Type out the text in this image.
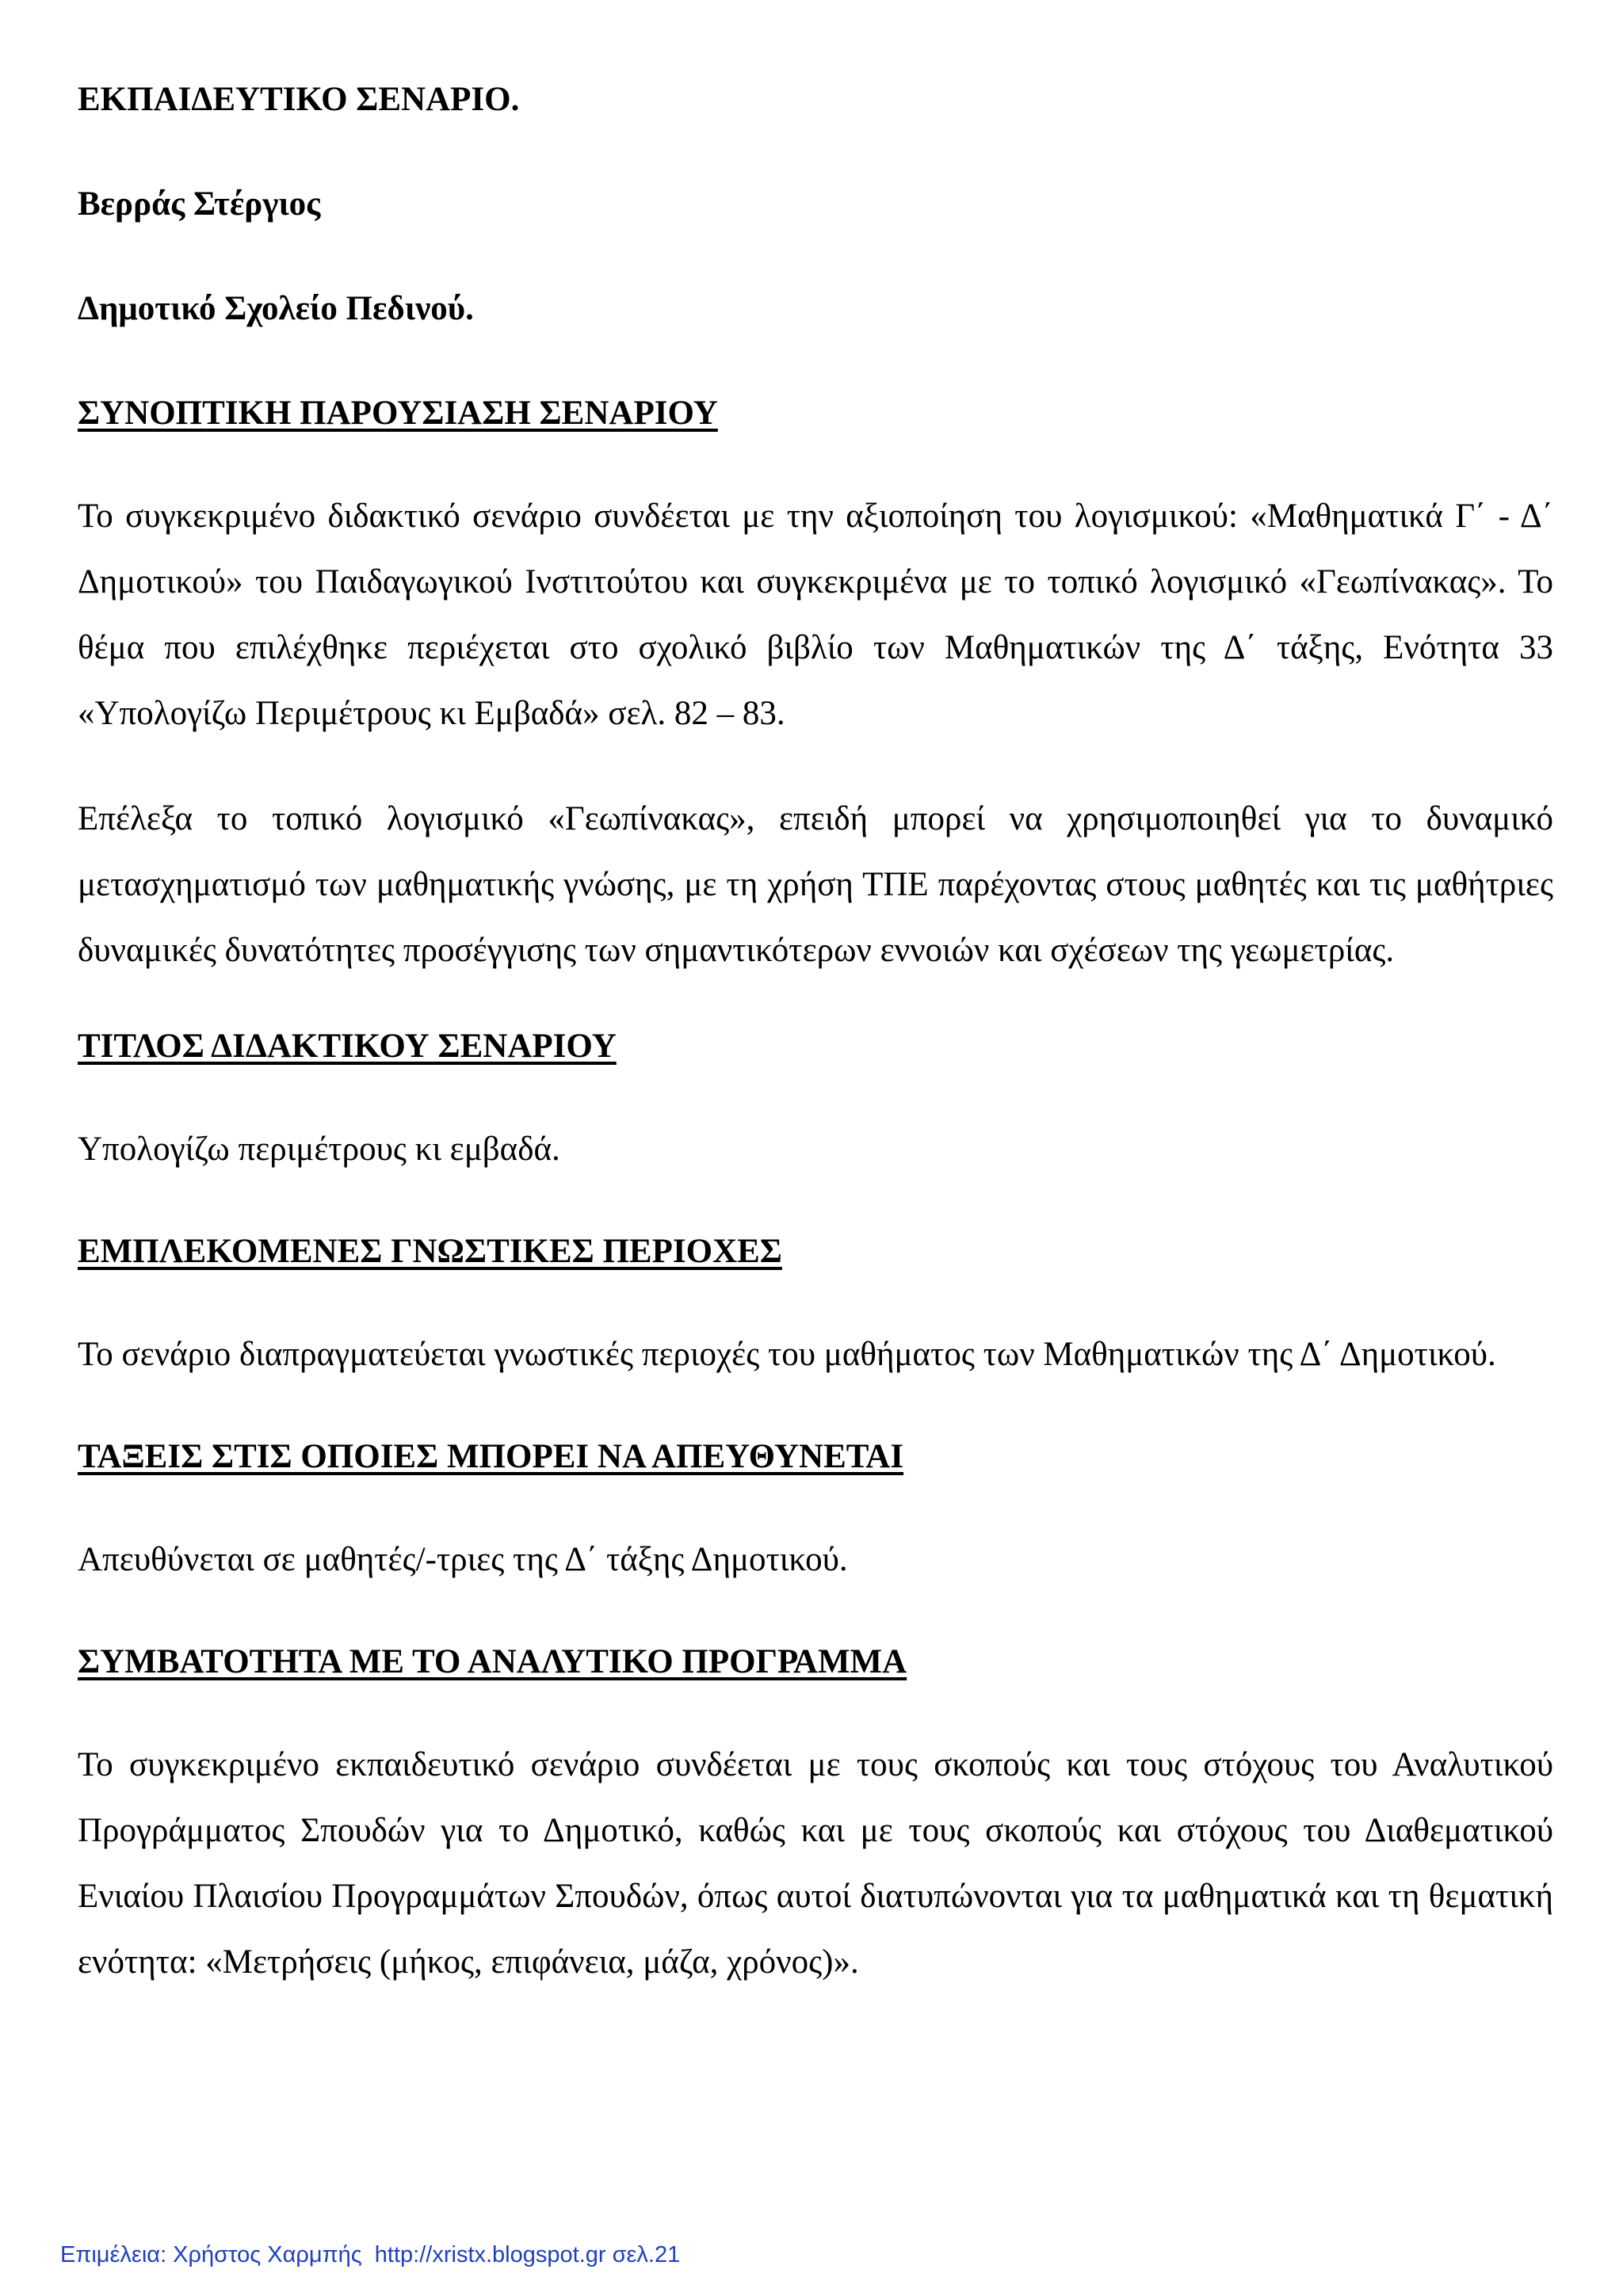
ΕΚΠΑΙΔΕΥΤΙΚΟ ΣΕΝΑΡΙΟ.
Βερράς Στέργιος
Δημοτικό Σχολείο Πεδινού.
ΣΥΝΟΠΤΙΚΗ ΠΑΡΟΥΣΙΑΣΗ ΣΕΝΑΡΙΟΥ

Το συγκεκριμένο διδακτικό σενάριο συνδέεται με την αξιοποίηση του λογισμικού: «Μαθηματικά Γ΄ - Δ΄ Δημοτικού» του Παιδαγωγικού Ινστιτούτου και συγκεκριμένα με το τοπικό λογισμικό «Γεωπίνακας». Το θέμα που επιλέχθηκε περιέχεται στο σχολικό βιβλίο των Μαθηματικών της Δ΄ τάξης, Ενότητα 33 «Υπολογίζω Περιμέτρους κι Εμβαδά» σελ. 82 – 83.

Επέλεξα το τοπικό λογισμικό «Γεωπίνακας», επειδή μπορεί να χρησιμοποιηθεί για το δυναμικό μετασχηματισμό των μαθηματικής γνώσης, με τη χρήση ΤΠΕ παρέχοντας στους μαθητές και τις μαθήτριες δυναμικές δυνατότητες προσέγγισης των σημαντικότερων εννοιών και σχέσεων της γεωμετρίας.

ΤΙΤΛΟΣ ΔΙΔΑΚΤΙΚΟΥ ΣΕΝΑΡΙΟΥ

Υπολογίζω περιμέτρους κι εμβαδά.

ΕΜΠΛΕΚΟΜΕΝΕΣ ΓΝΩΣΤΙΚΕΣ ΠΕΡΙΟΧΕΣ

Το σενάριο διαπραγματεύεται γνωστικές περιοχές του μαθήματος των Μαθηματικών της Δ΄ Δημοτικού.

ΤΑΞΕΙΣ ΣΤΙΣ ΟΠΟΙΕΣ ΜΠΟΡΕΙ ΝΑ ΑΠΕΥΘΥΝΕΤΑΙ

Απευθύνεται σε μαθητές/-τριες της Δ΄ τάξης Δημοτικού.

ΣΥΜΒΑΤΟΤΗΤΑ ΜΕ ΤΟ ΑΝΑΛΥΤΙΚΟ ΠΡΟΓΡΑΜΜΑ

Το συγκεκριμένο εκπαιδευτικό σενάριο συνδέεται με τους σκοπούς και τους στόχους του Αναλυτικού Προγράμματος Σπουδών για το Δημοτικό, καθώς και με τους σκοπούς και στόχους του Διαθεματικού Ενιαίου Πλαισίου Προγραμμάτων Σπουδών, όπως αυτοί διατυπώνονται για τα μαθηματικά και τη θεματική ενότητα: «Μετρήσεις (μήκος, επιφάνεια, μάζα, χρόνος)».

Επιμέλεια: Χρήστος Χαρμπής  http://xristx.blogspot.gr σελ.21
